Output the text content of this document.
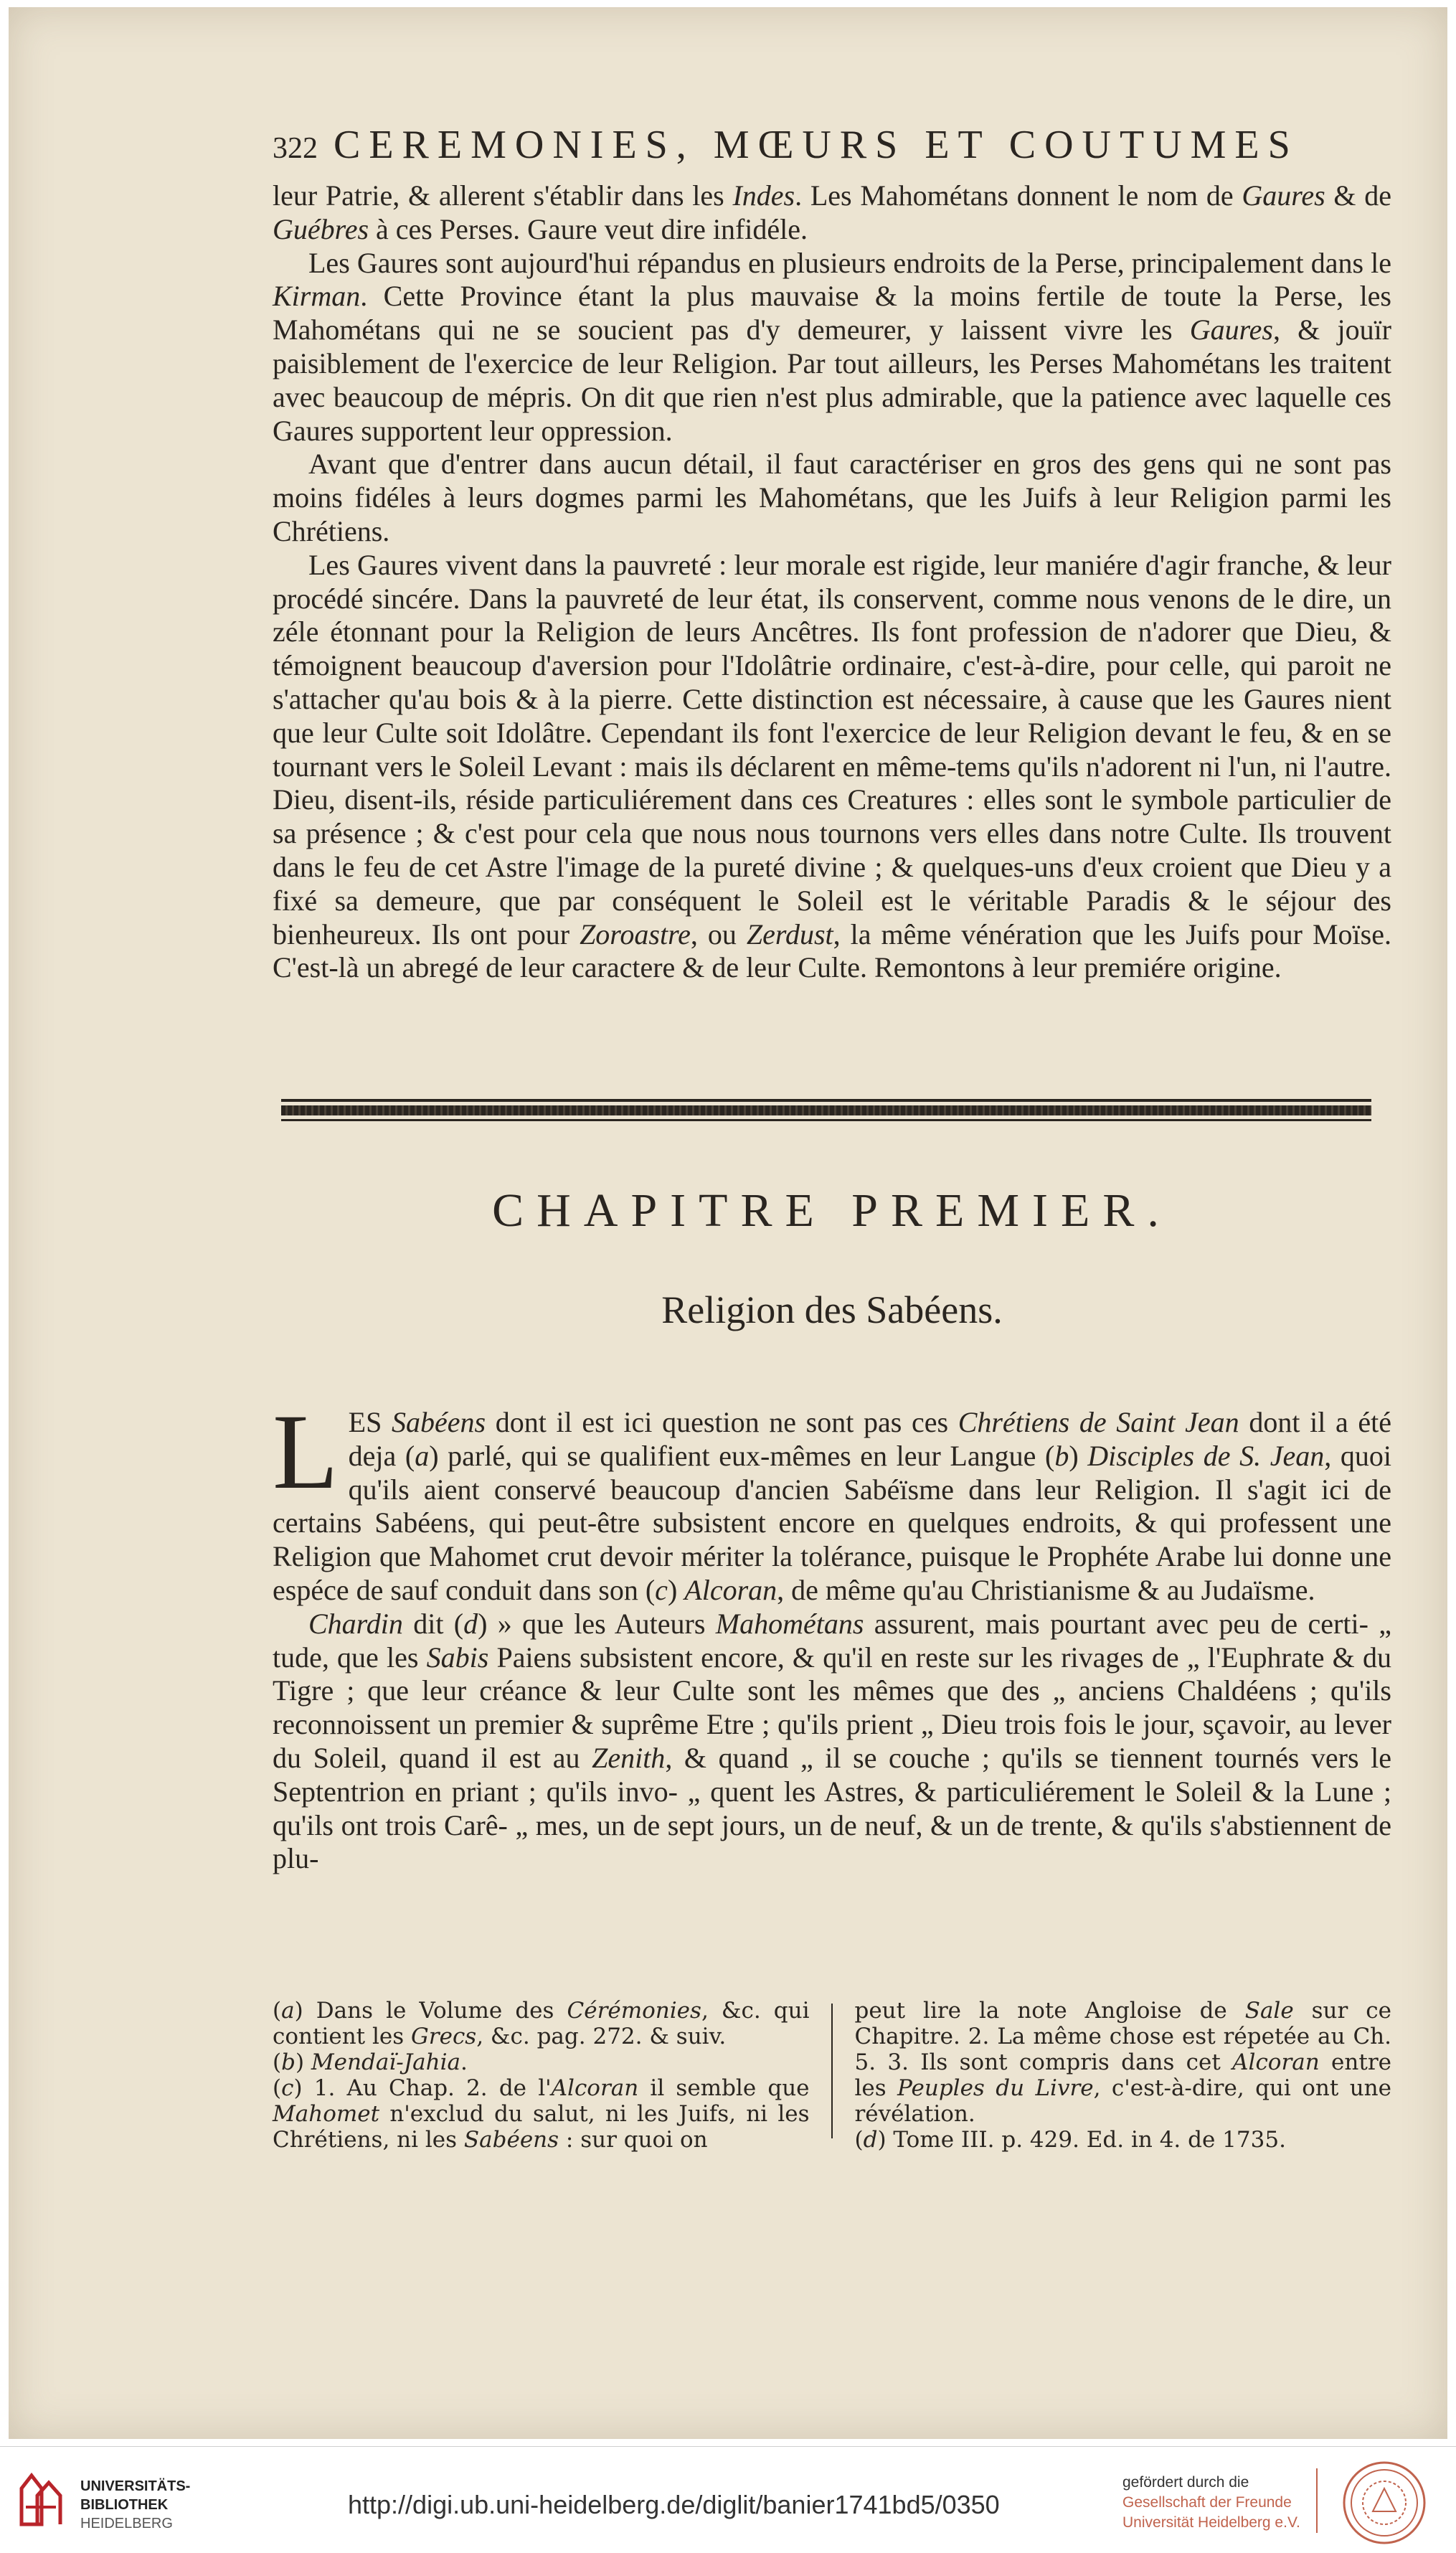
322 CEREMONIES, MŒURS ET COUTUMES

leur Patrie, & allerent s'établir dans les Indes. Les Mahométans donnent le nom de Gaures & de Guébres à ces Perses. Gaure veut dire infidéle.

Les Gaures sont aujourd'hui répandus en plusieurs endroits de la Perse, principalement dans le Kirman. Cette Province étant la plus mauvaise & la moins fertile de toute la Perse, les Mahométans qui ne se soucient pas d'y demeurer, y laissent vivre les Gaures, & jouïr paisiblement de l'exercice de leur Religion. Par tout ailleurs, les Perses Mahométans les traitent avec beaucoup de mépris. On dit que rien n'est plus admirable, que la patience avec laquelle ces Gaures supportent leur oppression.

Avant que d'entrer dans aucun détail, il faut caractériser en gros des gens qui ne sont pas moins fidéles à leurs dogmes parmi les Mahométans, que les Juifs à leur Religion parmi les Chrétiens.

Les Gaures vivent dans la pauvreté : leur morale est rigide, leur maniére d'agir franche, & leur procédé sincére. Dans la pauvreté de leur état, ils conservent, comme nous venons de le dire, un zéle étonnant pour la Religion de leurs Ancêtres. Ils font profession de n'adorer que Dieu, & témoignent beaucoup d'aversion pour l'Idolâtrie ordinaire, c'est-à-dire, pour celle, qui paroit ne s'attacher qu'au bois & à la pierre. Cette distinction est nécessaire, à cause que les Gaures nient que leur Culte soit Idolâtre. Cependant ils font l'exercice de leur Religion devant le feu, & en se tournant vers le Soleil Levant : mais ils déclarent en même-tems qu'ils n'adorent ni l'un, ni l'autre. Dieu, disent-ils, réside particuliérement dans ces Creatures : elles sont le symbole particulier de sa présence ; & c'est pour cela que nous nous tournons vers elles dans notre Culte. Ils trouvent dans le feu de cet Astre l'image de la pureté divine ; & quelques-uns d'eux croient que Dieu y a fixé sa demeure, que par conséquent le Soleil est le véritable Paradis & le séjour des bienheureux. Ils ont pour Zoroastre, ou Zerdust, la même vénération que les Juifs pour Moïse. C'est-là un abregé de leur caractere & de leur Culte. Remontons à leur premiére origine.

CHAPITRE PREMIER.
Religion des Sabéens.

LES Sabéens dont il est ici question ne sont pas ces Chrétiens de Saint Jean dont il a été deja (a) parlé, qui se qualifient eux-mêmes en leur Langue (b) Disciples de S. Jean, quoi qu'ils aient conservé beaucoup d'ancien Sabéïsme dans leur Religion. Il s'agit ici de certains Sabéens, qui peut-être subsistent encore en quelques endroits, & qui professent une Religion que Mahomet crut devoir mériter la tolérance, puisque le Prophéte Arabe lui donne une espéce de sauf conduit dans son (c) Alcoran, de même qu'au Christianisme & au Judaïsme.

Chardin dit (d) » que les Auteurs Mahométans assurent, mais pourtant avec peu de certi- „ tude, que les Sabis Paiens subsistent encore, & qu'il en reste sur les rivages de „ l'Euphrate & du Tigre ; que leur créance & leur Culte sont les mêmes que des „ anciens Chaldéens ; qu'ils reconnoissent un premier & suprême Etre ; qu'ils prient „ Dieu trois fois le jour, sçavoir, au lever du Soleil, quand il est au Zenith, & quand „ il se couche ; qu'ils se tiennent tournés vers le Septentrion en priant ; qu'ils invo- „ quent les Astres, & particuliérement le Soleil & la Lune ; qu'ils ont trois Carê- „ mes, un de sept jours, un de neuf, & un de trente, & qu'ils s'abstiennent de plu-

(a) Dans le Volume des Cérémonies, &c. qui contient les Grecs, &c. pag. 272. & suiv.

(b) Mendaï-Jahia.

(c) 1. Au Chap. 2. de l'Alcoran il semble que Mahomet n'exclud du salut, ni les Juifs, ni les Chrétiens, ni les Sabéens : sur quoi on

peut lire la note Angloise de Sale sur ce Chapitre. 2. La même chose est répetée au Ch. 5. 3. Ils sont compris dans cet Alcoran entre les Peuples du Livre, c'est-à-dire, qui ont une révélation.

(d) Tome III. p. 429. Ed. in 4. de 1735.

UNIVERSITÄTS-
BIBLIOTHEK
HEIDELBERG
http://digi.ub.uni-heidelberg.de/diglit/banier1741bd5/0350
gefördert durch die
Gesellschaft der Freunde
Universität Heidelberg e.V.
